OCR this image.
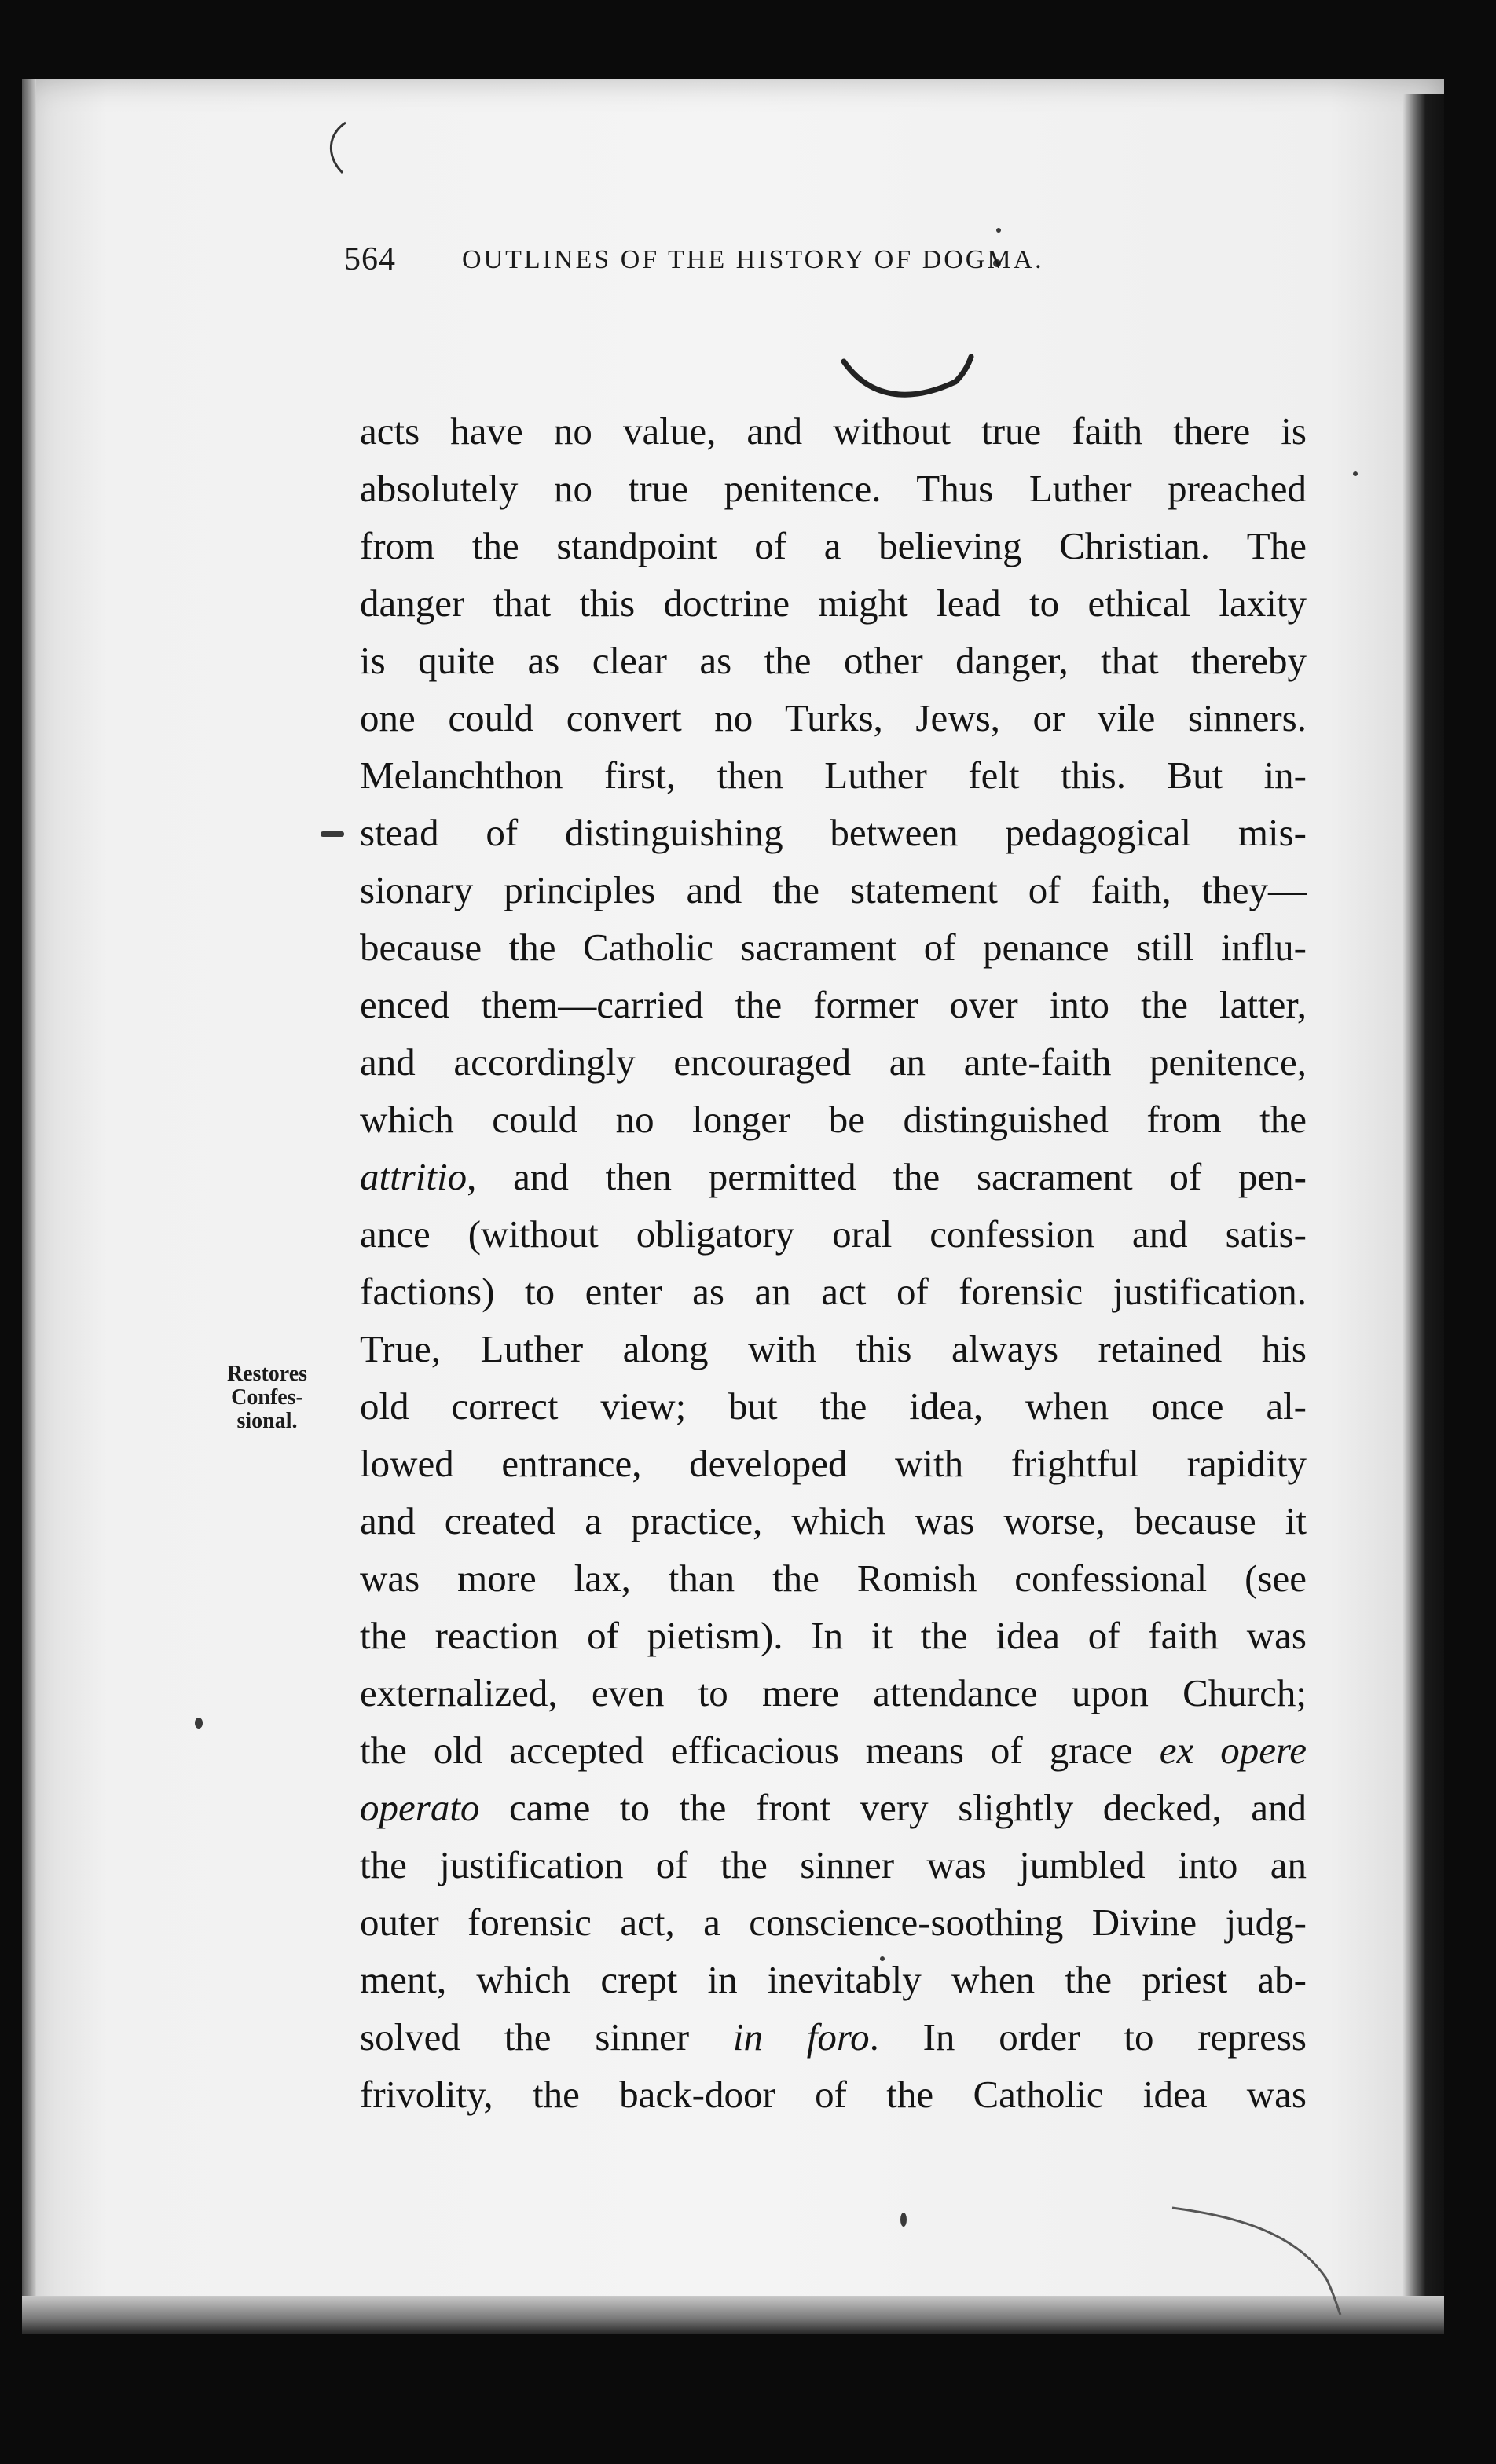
564 OUTLINES OF THE HISTORY OF DOGMA.
Restores Confes- sional.
acts have no value, and without true faith there is
absolutely no true penitence. Thus Luther preached
from the standpoint of a believing Christian. The
danger that this doctrine might lead to ethical laxity
is quite as clear as the other danger, that thereby
one could convert no Turks, Jews, or vile sinners.
Melanchthon first, then Luther felt this. But in-
stead of distinguishing between pedagogical mis-
sionary principles and the statement of faith, they—
because the Catholic sacrament of penance still influ-
enced them—carried the former over into the latter,
and accordingly encouraged an ante-faith penitence,
which could no longer be distinguished from the
attritio, and then permitted the sacrament of pen-
ance (without obligatory oral confession and satis-
factions) to enter as an act of forensic justification.
True, Luther along with this always retained his
old correct view; but the idea, when once al-
lowed entrance, developed with frightful rapidity
and created a practice, which was worse, because it
was more lax, than the Romish confessional (see
the reaction of pietism). In it the idea of faith was
externalized, even to mere attendance upon Church;
the old accepted efficacious means of grace ex opere
operato came to the front very slightly decked, and
the justification of the sinner was jumbled into an
outer forensic act, a conscience-soothing Divine judg-
ment, which crept in inevitably when the priest ab-
solved the sinner in foro. In order to repress
frivolity, the back-door of the Catholic idea was
